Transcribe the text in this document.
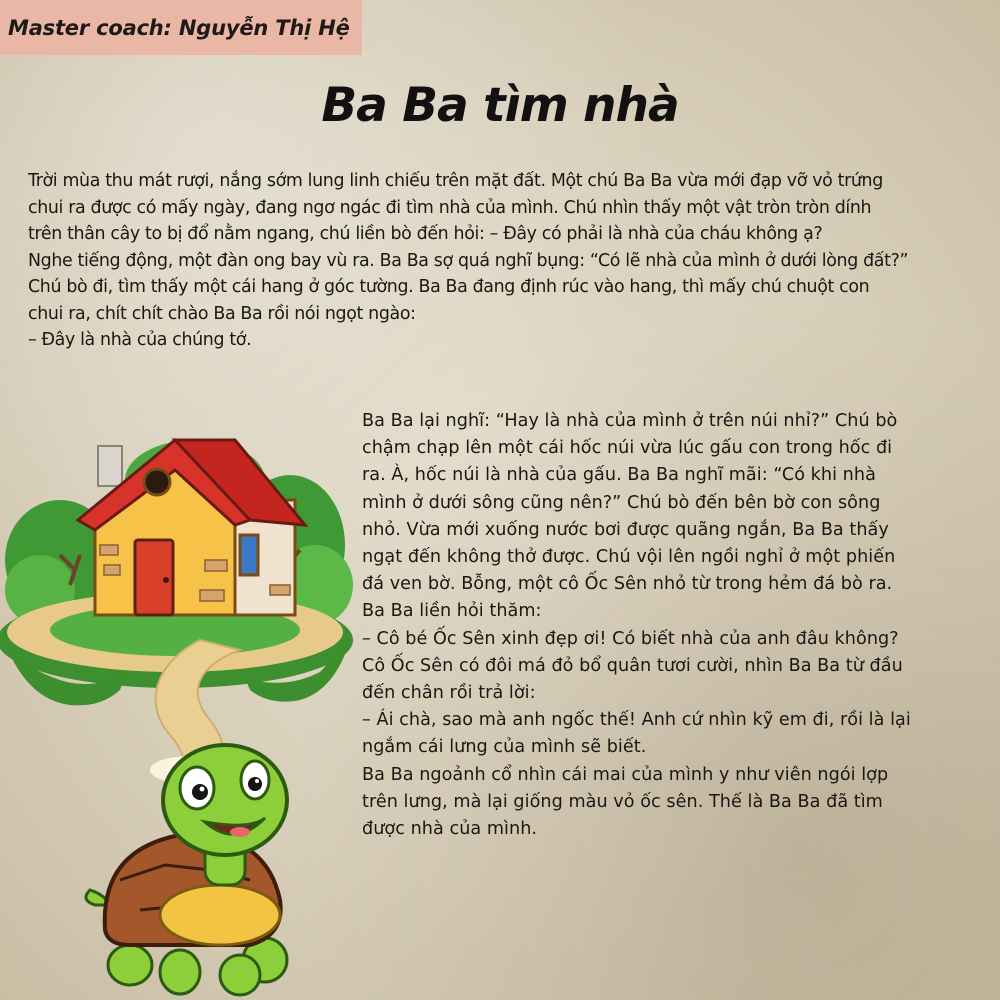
Master coach: Nguyễn Thị Hệ
Ba Ba tìm nhà

Trời mùa thu mát rượi, nắng sớm lung linh chiếu trên mặt đất. Một chú Ba Ba vừa mới đạp vỡ vỏ trứng

chui ra được có mấy ngày, đang ngơ ngác đi tìm nhà của mình. Chú nhìn thấy một vật tròn tròn dính

trên thân cây to bị đổ nằm ngang, chú liền bò đến hỏi: – Đây có phải là nhà của cháu không ạ?

Nghe tiếng động, một đàn ong bay vù ra. Ba Ba sợ quá nghĩ bụng: “Có lẽ nhà của mình ở dưới lòng đất?”

Chú bò đi, tìm thấy một cái hang ở góc tường. Ba Ba đang định rúc vào hang, thì mấy chú chuột con

chui ra, chít chít chào Ba Ba rồi nói ngọt ngào:

– Đây là nhà của chúng tớ.

Ba Ba lại nghĩ: “Hay là nhà của mình ở trên núi nhỉ?” Chú bò

chậm chạp lên một cái hốc núi vừa lúc gấu con trong hốc đi

ra. À, hốc núi là nhà của gấu. Ba Ba nghĩ mãi: “Có khi nhà

mình ở dưới sông cũng nên?” Chú bò đến bên bờ con sông

nhỏ. Vừa mới xuống nước bơi được quãng ngắn, Ba Ba thấy

ngạt đến không thở được. Chú vội lên ngồi nghỉ ở một phiến

đá ven bờ. Bỗng, một cô Ốc Sên nhỏ từ trong hẻm đá bò ra.

Ba Ba liền hỏi thăm:

– Cô bé Ốc Sên xinh đẹp ơi! Có biết nhà của anh đâu không?

Cô Ốc Sên có đôi má đỏ bổ quân tươi cười, nhìn Ba Ba từ đầu

đến chân rồi trả lời:

– Ái chà, sao mà anh ngốc thế! Anh cứ nhìn kỹ em đi, rồi là lại

ngắm cái lưng của mình sẽ biết.

Ba Ba ngoảnh cổ nhìn cái mai của mình y như viên ngói lợp

trên lưng, mà lại giống màu vỏ ốc sên. Thế là Ba Ba đã tìm

được nhà của mình.
